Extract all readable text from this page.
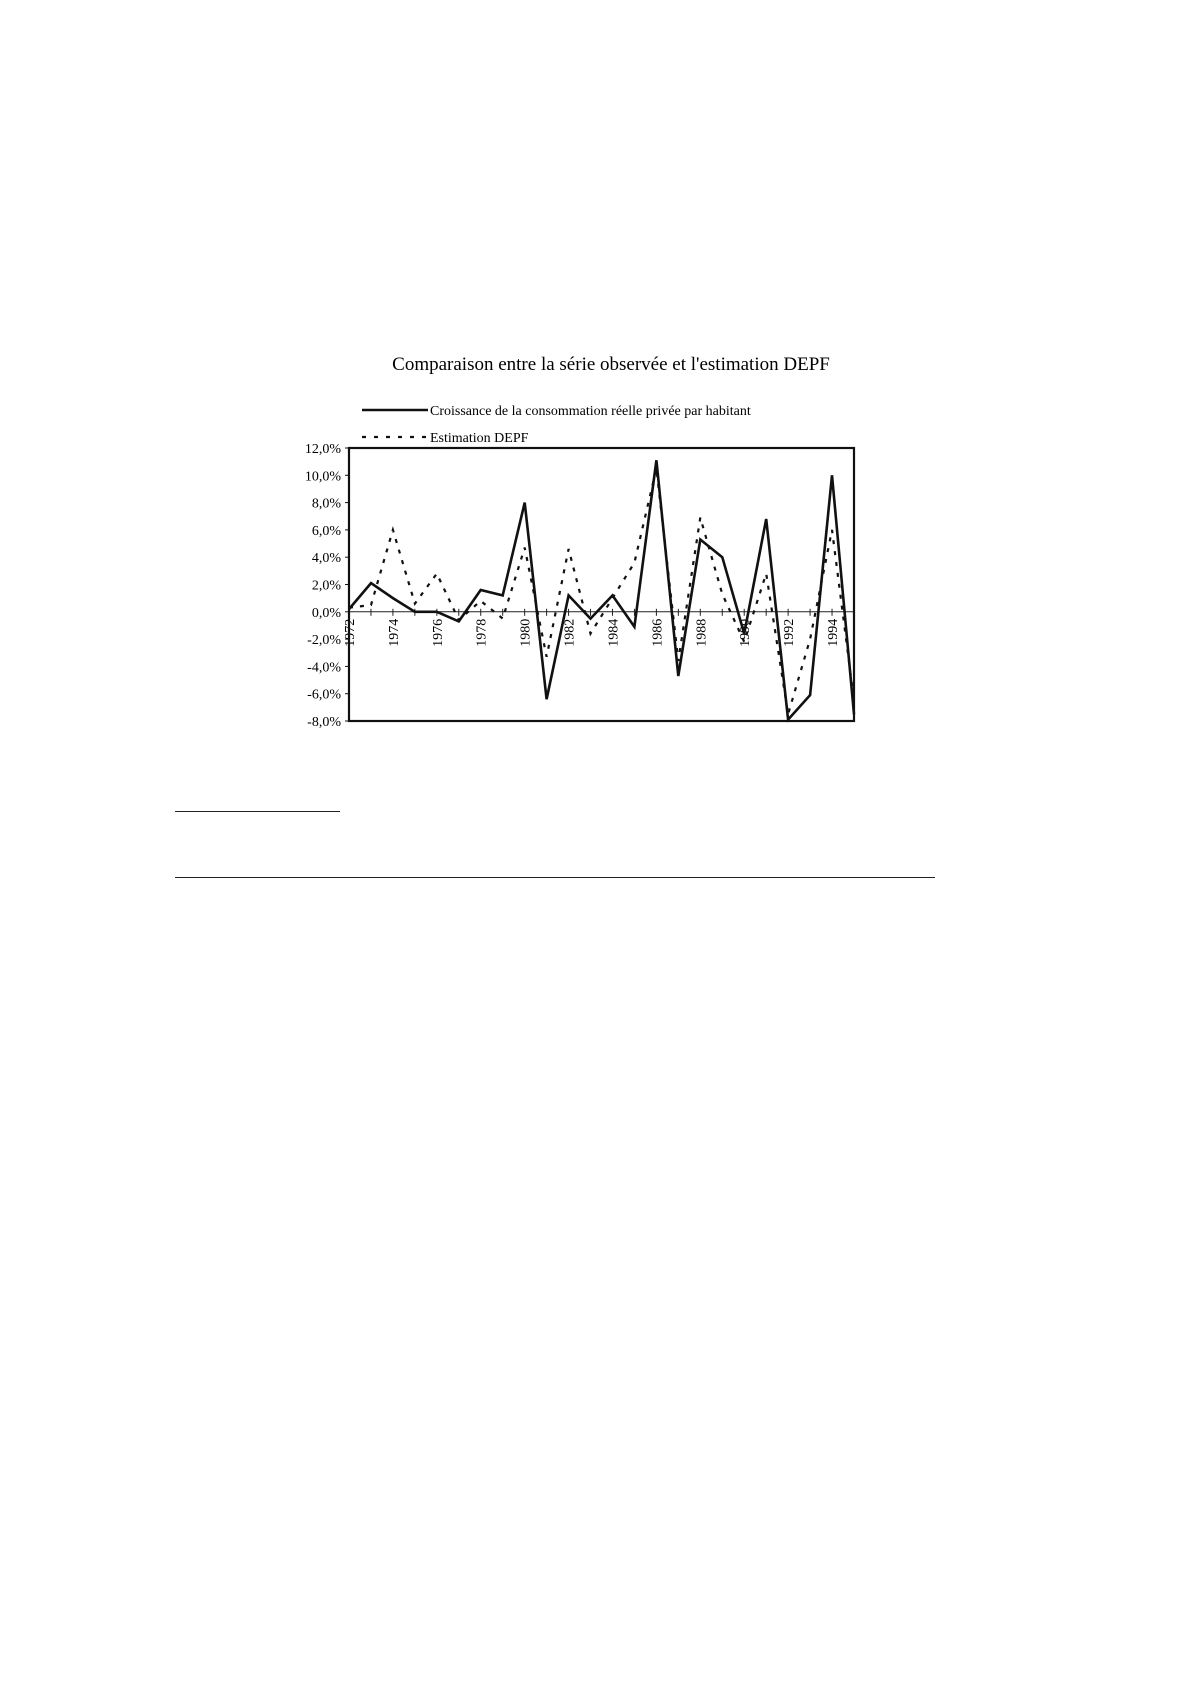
Comparaison entre la série observée et l'estimation DEPF
Croissance de la consommation réelle privée par habitant
Estimation DEPF
-8,0%
-6,0%
-4,0%
-2,0%
0,0%
2,0%
4,0%
6,0%
8,0%
10,0%
12,0%
1972 1974 1976 1978 1980 1982 1984 1986 1988 1990 1992 1994
